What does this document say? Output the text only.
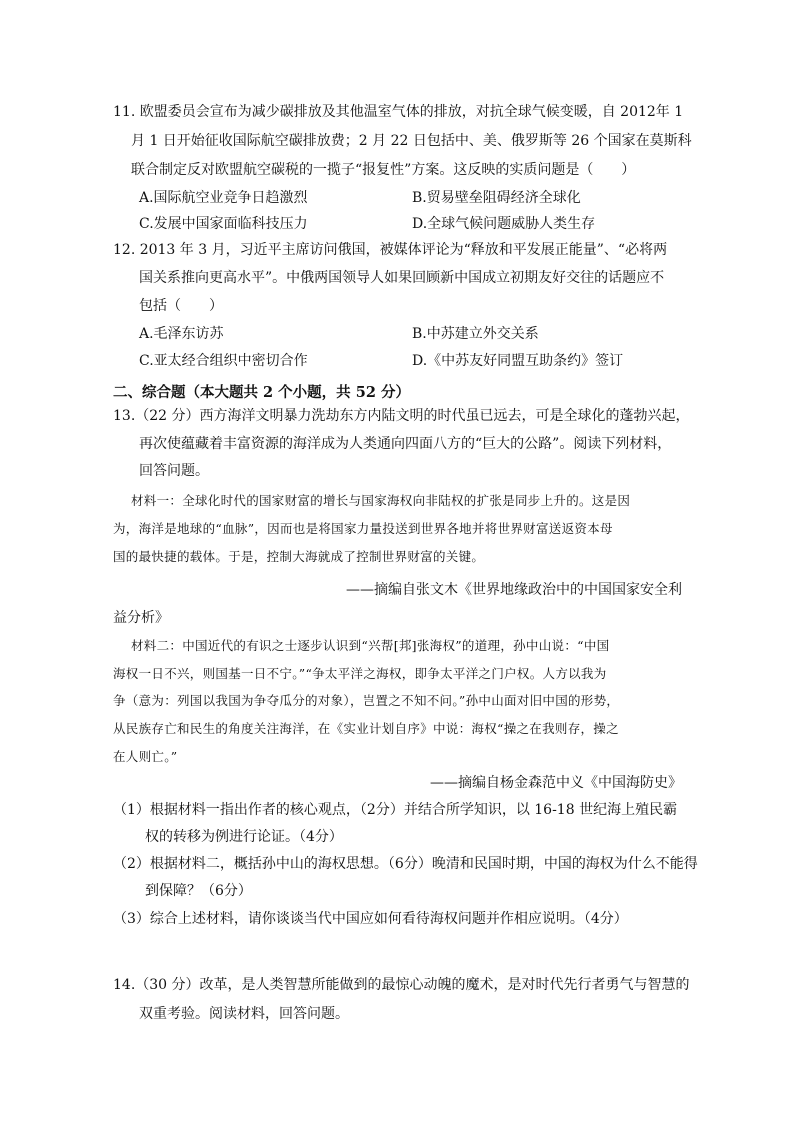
11. 欧盟委员会宣布为减少碳排放及其他温室气体的排放，对抗全球气候变暖，自 2012年 1
月 1 日开始征收国际航空碳排放费；2 月 22 日包括中、美、俄罗斯等 26 个国家在莫斯科
联合制定反对欧盟航空碳税的一揽子“报复性”方案。这反映的实质问题是（　　）
A.国际航空业竞争日趋激烈	B.贸易壁垒阻碍经济全球化
C.发展中国家面临科技压力	D.全球气候问题威胁人类生存
12. 2013 年 3 月，习近平主席访问俄国，被媒体评论为“释放和平发展正能量”、“必将两
国关系推向更高水平”。中俄两国领导人如果回顾新中国成立初期友好交往的话题应不
包括（　　）
A.毛泽东访苏	B.中苏建立外交关系
C.亚太经合组织中密切合作	D.《中苏友好同盟互助条约》签订
二、综合题（本大题共 2 个小题，共 52 分）
13.（22 分）西方海洋文明暴力洗劫东方内陆文明的时代虽已远去，可是全球化的蓬勃兴起，
再次使蕴藏着丰富资源的海洋成为人类通向四面八方的“巨大的公路”。阅读下列材料，
回答问题。
材料一：全球化时代的国家财富的增长与国家海权向非陆权的扩张是同步上升的。这是因
为，海洋是地球的“血脉”，因而也是将国家力量投送到世界各地并将世界财富送返资本母
国的最快捷的载体。于是，控制大海就成了控制世界财富的关键。
——摘编自张文木《世界地缘政治中的中国国家安全利
益分析》
材料二：中国近代的有识之士逐步认识到“兴帮[邦]张海权”的道理，孙中山说：“中国
海权一日不兴，则国基一日不宁。”“争太平洋之海权，即争太平洋之门户权。人方以我为
争（意为：列国以我国为争夺瓜分的对象），岂置之不知不问。”孙中山面对旧中国的形势，
从民族存亡和民生的角度关注海洋，在《实业计划自序》中说：海权“操之在我则存，操之
在人则亡。”
——摘编自杨金森范中义《中国海防史》
（1）根据材料一指出作者的核心观点，（2分）并结合所学知识，以 16-18 世纪海上殖民霸
权的转移为例进行论证。（4分）
（2）根据材料二，概括孙中山的海权思想。（6分）晚清和民国时期，中国的海权为什么不能得
到保障？（6分）
（3）综合上述材料，请你谈谈当代中国应如何看待海权问题并作相应说明。（4分）
14.（30 分）改革，是人类智慧所能做到的最惊心动魄的魔术，是对时代先行者勇气与智慧的
双重考验。阅读材料，回答问题。
